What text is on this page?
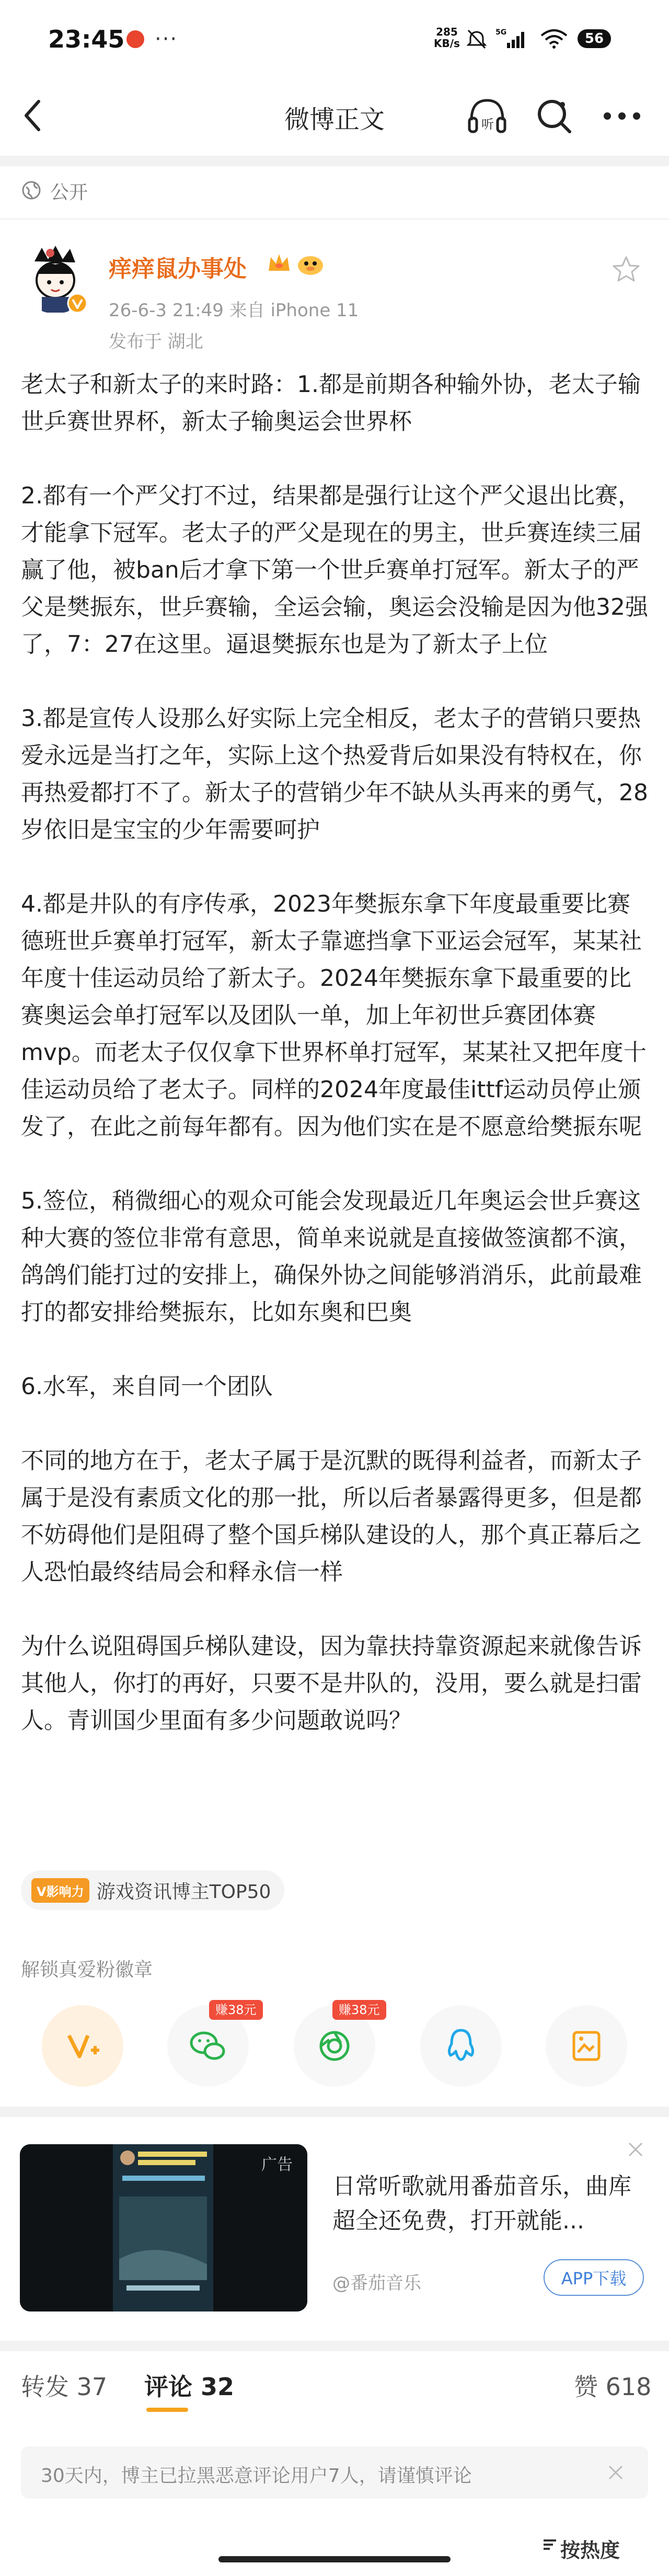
23:45 ···	285
KB/s
5G	56
微博正文	听
公开
痒痒鼠办事处
26-6-3 21:49 来自 iPhone 11
发布于 湖北

老太子和新太子的来时路：1.都是前期各种输外协，老太子输世乒赛世界杯，新太子输奥运会世界杯

2.都有一个严父打不过，结果都是强行让这个严父退出比赛，才能拿下冠军。老太子的严父是现在的男主，世乒赛连续三届赢了他，被ban后才拿下第一个世乒赛单打冠军。新太子的严父是樊振东，世乒赛输，全运会输，奥运会没输是因为他32强了，7：27在这里。逼退樊振东也是为了新太子上位

3.都是宣传人设那么好实际上完全相反，老太子的营销只要热爱永远是当打之年，实际上这个热爱背后如果没有特权在，你再热爱都打不了。新太子的营销少年不缺从头再来的勇气，28岁依旧是宝宝的少年需要呵护

4.都是井队的有序传承，2023年樊振东拿下年度最重要比赛德班世乒赛单打冠军，新太子靠遮挡拿下亚运会冠军，某某社年度十佳运动员给了新太子。2024年樊振东拿下最重要的比赛奥运会单打冠军以及团队一单，加上年初世乒赛团体赛mvp。而老太子仅仅拿下世界杯单打冠军，某某社又把年度十佳运动员给了老太子。同样的2024年度最佳ittf运动员停止颁发了，在此之前每年都有。因为他们实在是不愿意给樊振东呢

5.签位，稍微细心的观众可能会发现最近几年奥运会世乒赛这种大赛的签位非常有意思，简单来说就是直接做签演都不演，鸽鸽们能打过的安排上，确保外协之间能够消消乐，此前最难打的都安排给樊振东，比如东奥和巴奥

6.水军，来自同一个团队

不同的地方在于，老太子属于是沉默的既得利益者，而新太子属于是没有素质文化的那一批，所以后者暴露得更多，但是都不妨碍他们是阻碍了整个国乒梯队建设的人，那个真正幕后之人恐怕最终结局会和释永信一样

为什么说阻碍国乒梯队建设，因为靠扶持靠资源起来就像告诉其他人，你打的再好，只要不是井队的，没用，要么就是扫雷人。青训国少里面有多少问题敢说吗？

V影响力 游戏资讯博主TOP50
解锁真爱粉徽章
赚38元	赚38元
广告
日常听歌就用番茄音乐，曲库超全还免费，打开就能...
@番茄音乐	APP下载
转发 37 评论 32	赞 618
30天内，博主已拉黑恶意评论用户7人，请谨慎评论
按热度
